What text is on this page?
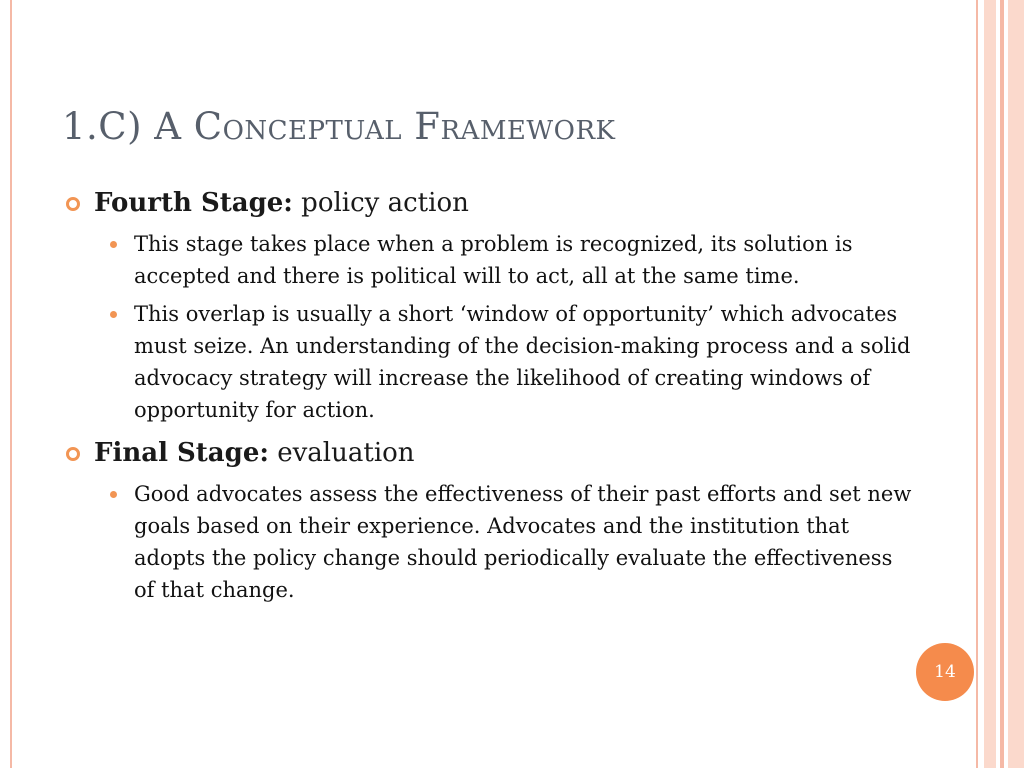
1.C) A Conceptual Framework
Fourth Stage: policy action
This stage takes place when a problem is recognized, its solution is accepted and there is political will to act, all at the same time.
This overlap is usually a short ‘window of opportunity’ which advocates must seize. An understanding of the decision-making process and a solid advocacy strategy will increase the likelihood of creating windows of opportunity for action.
Final Stage: evaluation
Good advocates assess the effectiveness of their past efforts and set new goals based on their experience. Advocates and the institution that adopts the policy change should periodically evaluate the effectiveness of that change.
14
